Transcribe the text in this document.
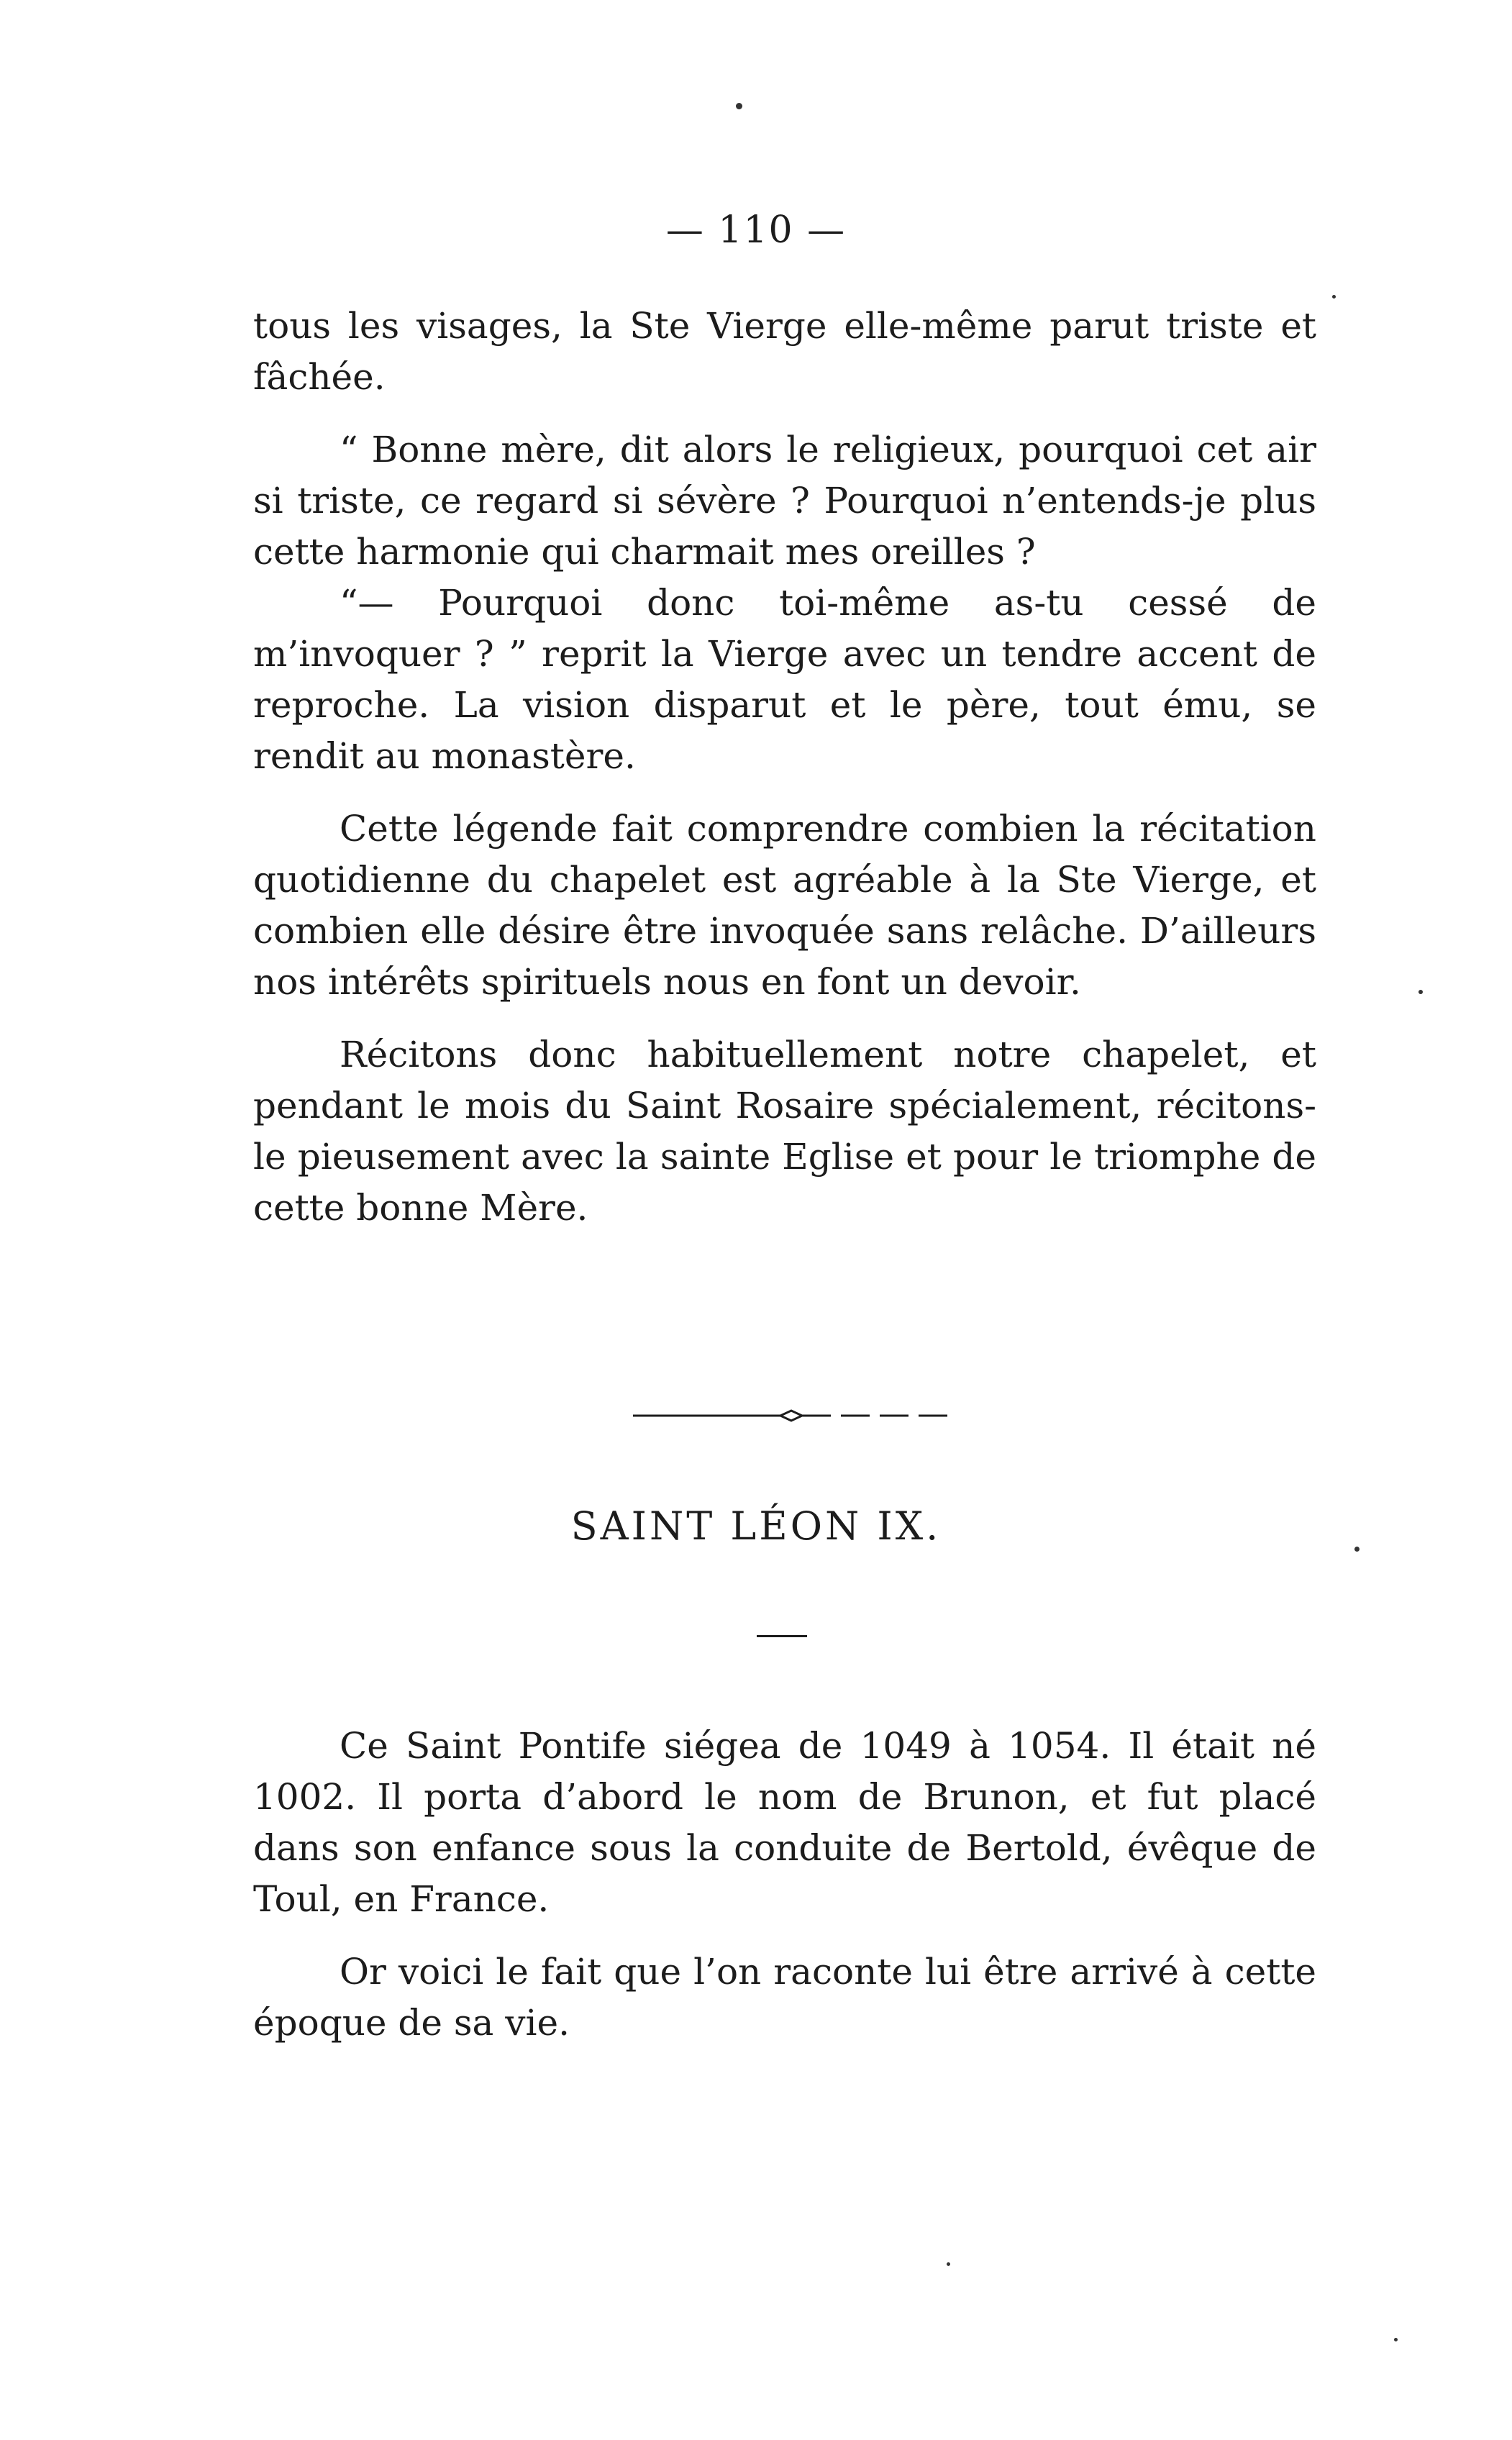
— 110 —

tous les visages, la Ste Vierge elle-même parut triste et fâchée.

“ Bonne mère, dit alors le religieux, pourquoi cet air si triste, ce regard si sévère ? Pourquoi n’entends-je plus cette harmonie qui charmait mes oreilles ?

“— Pourquoi donc toi-même as-tu cessé de m’invoquer ? ” reprit la Vierge avec un tendre accent de reproche. La vision disparut et le père, tout ému, se rendit au monastère.

Cette légende fait comprendre combien la récitation quotidienne du chapelet est agréable à la Ste Vierge, et combien elle désire être invoquée sans relâche. D’ailleurs nos intérêts spirituels nous en font un devoir.

Récitons donc habituellement notre chapelet, et pendant le mois du Saint Rosaire spécialement, récitons-le pieusement avec la sainte Eglise et pour le triomphe de cette bonne Mère.

SAINT LÉON IX.

Ce Saint Pontife siégea de 1049 à 1054. Il était né 1002. Il porta d’abord le nom de Brunon, et fut placé dans son enfance sous la conduite de Bertold, évêque de Toul, en France.

Or voici le fait que l’on raconte lui être arrivé à cette époque de sa vie.
